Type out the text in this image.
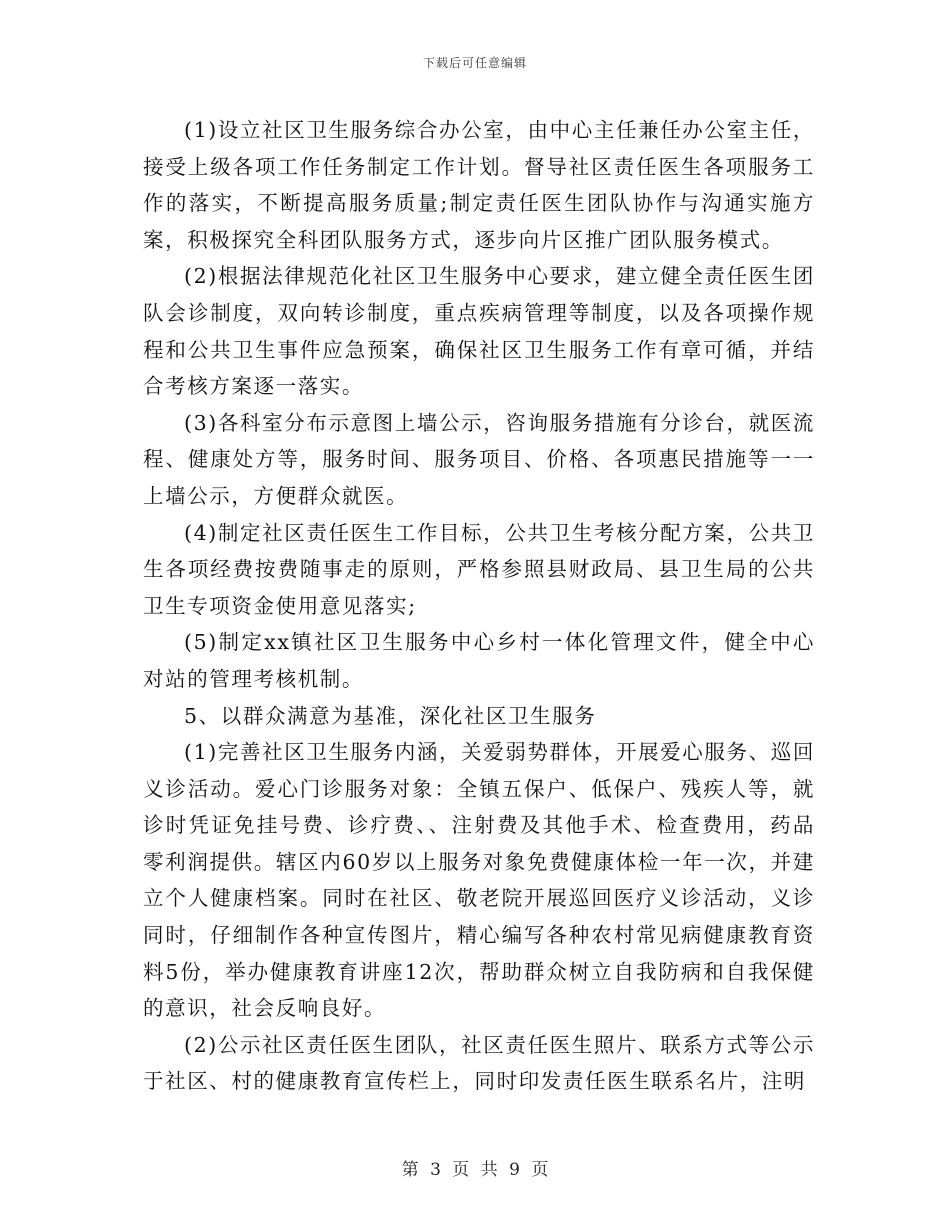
下载后可任意编辑

(1)设立社区卫生服务综合办公室，由中心主任兼任办公室主任，接受上级各项工作任务制定工作计划。督导社区责任医生各项服务工作的落实，不断提高服务质量;制定责任医生团队协作与沟通实施方案，积极探究全科团队服务方式，逐步向片区推广团队服务模式。

(2)根据法律规范化社区卫生服务中心要求，建立健全责任医生团队会诊制度，双向转诊制度，重点疾病管理等制度，以及各项操作规程和公共卫生事件应急预案，确保社区卫生服务工作有章可循，并结合考核方案逐一落实。

(3)各科室分布示意图上墙公示，咨询服务措施有分诊台，就医流程、健康处方等，服务时间、服务项目、价格、各项惠民措施等一一上墙公示，方便群众就医。

(4)制定社区责任医生工作目标，公共卫生考核分配方案，公共卫生各项经费按费随事走的原则，严格参照县财政局、县卫生局的公共卫生专项资金使用意见落实;

(5)制定xx镇社区卫生服务中心乡村一体化管理文件，健全中心对站的管理考核机制。

5、以群众满意为基准，深化社区卫生服务

(1)完善社区卫生服务内涵，关爱弱势群体，开展爱心服务、巡回义诊活动。爱心门诊服务对象：全镇五保户、低保户、残疾人等，就诊时凭证免挂号费、诊疗费、、注射费及其他手术、检查费用，药品零利润提供。辖区内60岁以上服务对象免费健康体检一年一次，并建立个人健康档案。同时在社区、敬老院开展巡回医疗义诊活动，义诊同时，仔细制作各种宣传图片，精心编写各种农村常见病健康教育资料5份，举办健康教育讲座12次，帮助群众树立自我防病和自我保健的意识，社会反响良好。

(2)公示社区责任医生团队，社区责任医生照片、联系方式等公示于社区、村的健康教育宣传栏上，同时印发责任医生联系名片，注明

第 3 页 共 9 页
